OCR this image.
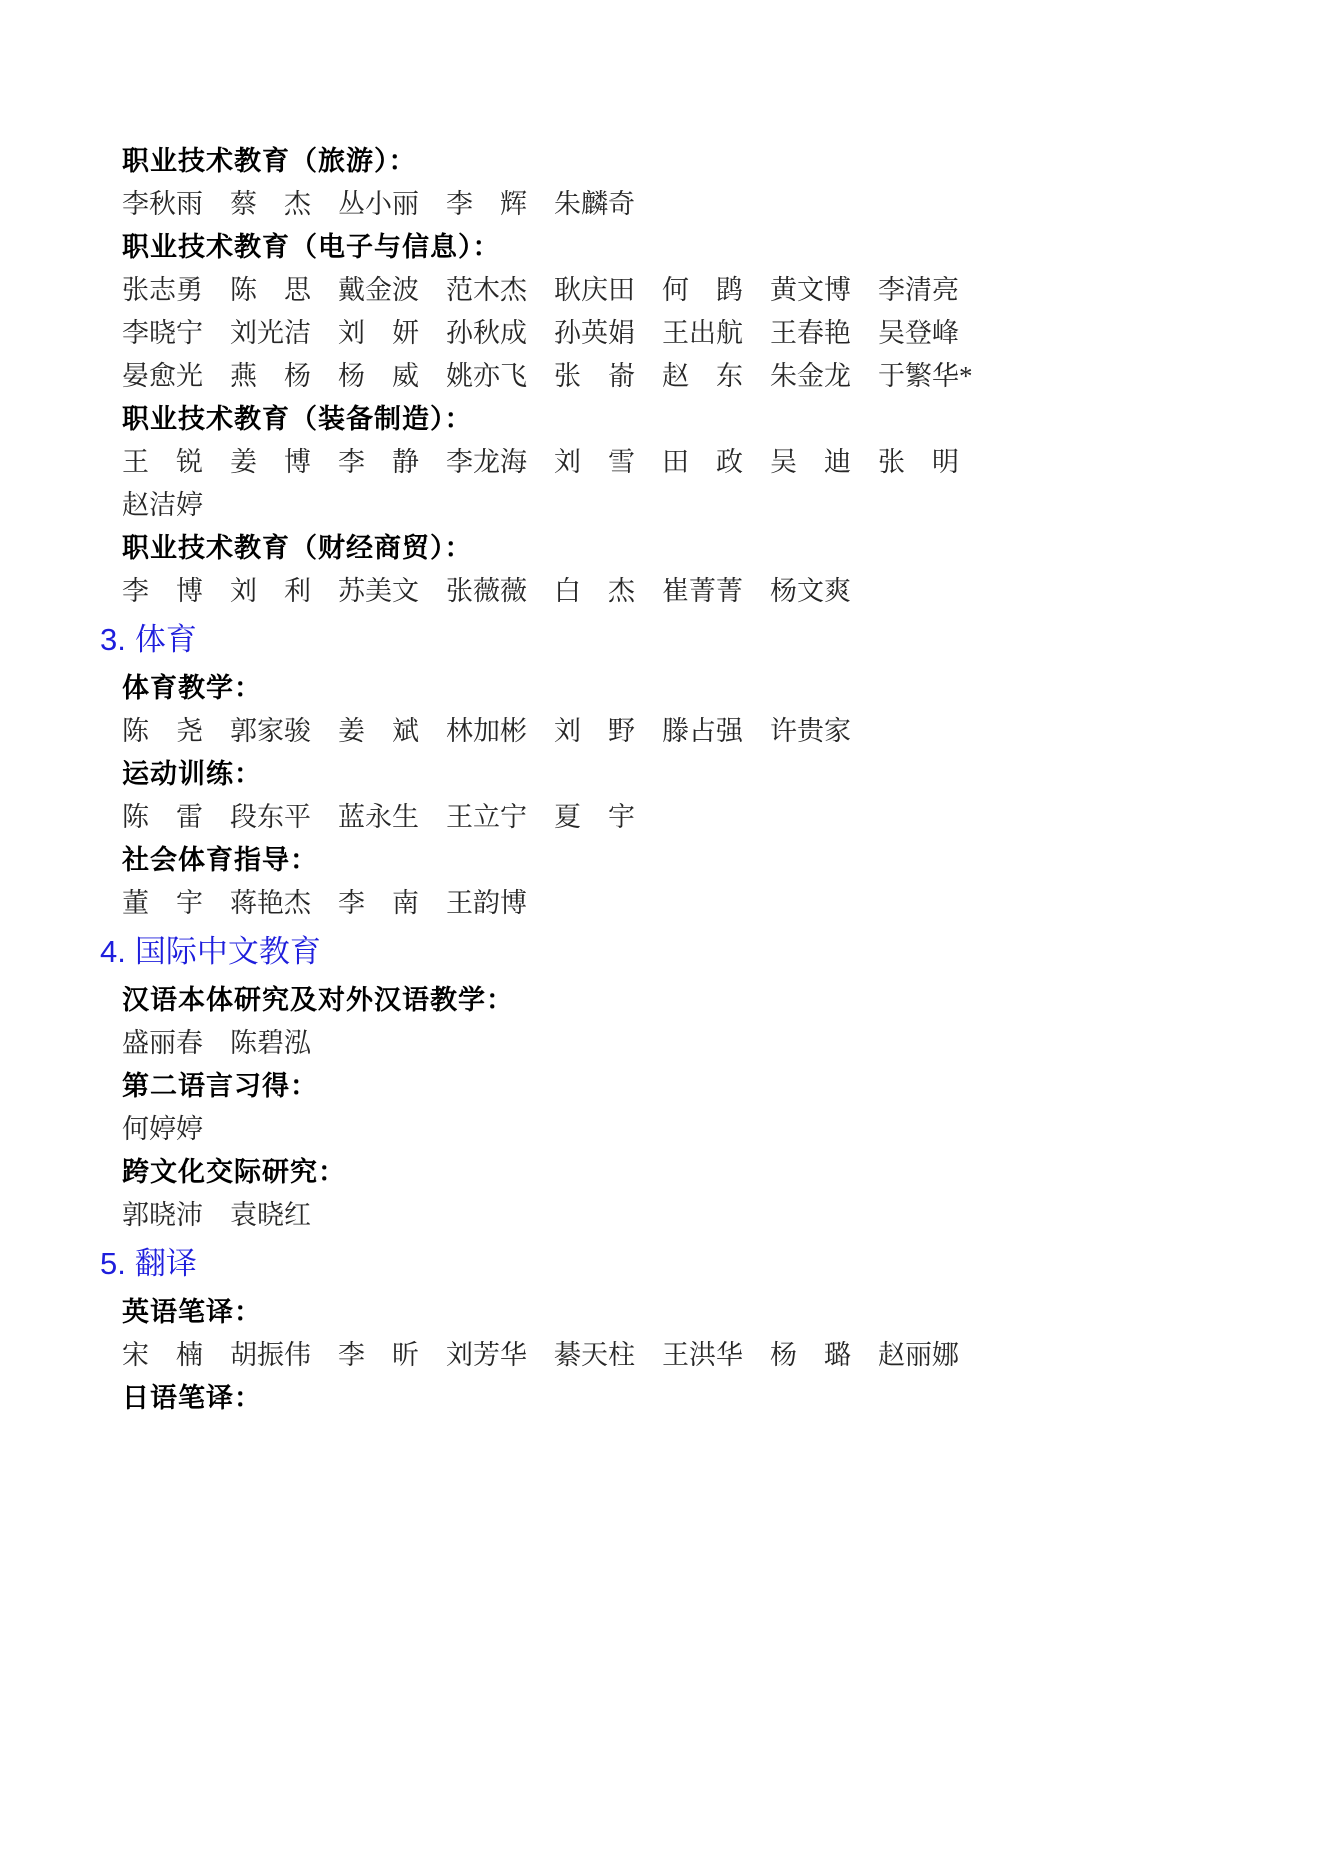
职业技术教育（旅游）：
李秋雨　蔡　杰　丛小丽　李　辉　朱麟奇
职业技术教育（电子与信息）：
张志勇　陈　思　戴金波　范木杰　耿庆田　何　鹍　黄文博　李清亮
李晓宁　刘光洁　刘　妍　孙秋成　孙英娟　王出航　王春艳　吴登峰
晏愈光　燕　杨　杨　威　姚亦飞　张　嵛　赵　东　朱金龙　于繁华*
职业技术教育（装备制造）：
王　锐　姜　博　李　静　李龙海　刘　雪　田　政　吴　迪　张　明
赵洁婷
职业技术教育（财经商贸）：
李　博　刘　利　苏美文　张薇薇　白　杰　崔菁菁　杨文爽
3. 体育
体育教学：
陈　尧　郭家骏　姜　斌　林加彬　刘　野　滕占强　许贵家
运动训练：
陈　雷　段东平　蓝永生　王立宁　夏　宇
社会体育指导：
董　宇　蒋艳杰　李　南　王韵博
4. 国际中文教育
汉语本体研究及对外汉语教学：
盛丽春　陈碧泓
第二语言习得：
何婷婷
跨文化交际研究：
郭晓沛　袁晓红
5. 翻译
英语笔译：
宋　楠　胡振伟　李　昕　刘芳华　綦天柱　王洪华　杨　璐　赵丽娜
日语笔译：
